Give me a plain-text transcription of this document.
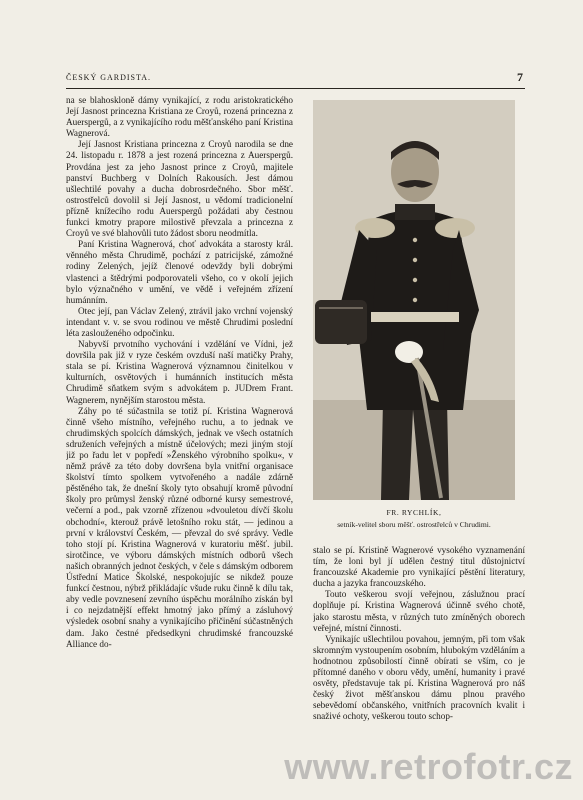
ČESKÝ GARDISTA.	7

na se blahoskloně dámy vynikající, z rodu aristokratického Její Jasnost princezna Kristiana ze Croyů, rozená princezna z Auerspergů, a z vynikajícího rodu měšťanského paní Kristina Wagnerová.

Její Jasnost Kristiana princezna z Croyů narodila se dne 24. listopadu r. 1878 a jest rozená princezna z Auerspergů. Provdána jest za jeho Jasnost prince z Croyů, majitele panství Buchberg v Dolních Rakousích. Jest dámou ušlechtilé povahy a ducha dobrosrdečného. Sbor měšť. ostrostřelců dovolil si Její Jasnost, u vědomí tradicionelní přízně knížecího rodu Auerspergů požádati aby čestnou funkci kmotry prapore milostivě převzala a princezna z Croyů ve své blahovůli tuto žádost sboru neodmítla.

Paní Kristina Wagnerová, choť advokáta a starosty král. věnného města Chrudimě, pochází z patricijské, zámožné rodiny Zelených, jejíž členové odevždy byli dobrými vlastenci a štědrými podporovateli všeho, co v okolí jejich bylo význačného v umění, ve vědě i veřejném zřízení humánním.

Otec její, pan Václav Zelený, ztrávil jako vrchní vojenský intendant v. v. se svou rodinou ve městě Chrudimi poslední léta zaslouženého odpočinku.

Nabyvší prvotního vychování i vzdělání ve Vídni, jež dovršila pak již v ryze českém ovzduší naší matičky Prahy, stala se pí. Kristina Wagnerová významnou činitelkou v kulturních, osvětových i humánních institucích města Chrudimě sňatkem svým s advokátem p. JUDrem Frant. Wagnerem, nynějším starostou města.

Záhy po té súčastnila se totiž pí. Kristina Wagnerová činně všeho místního, veřejného ruchu, a to jednak ve chrudimských spolcích dámských, jednak ve všech ostatních sdruženích veřejných a místně účelových; mezi jiným stojí již po řadu let v popředí »Ženského výrobního spolku«, v němž právě za této doby dovršena byla vnitřní organisace školství tímto spolkem vytvořeného a nadále zdárně pěstěného tak, že dnešní školy tyto obsahují kromě původní školy pro průmysl ženský různé odborné kursy semestrové, večerní a pod., pak vzorně zřízenou »dvouletou dívčí školu obchodní«, kterouž právě letošního roku stát, — jedinou a první v království Českém, — převzal do své správy. Vedle toho stojí pí. Kristina Wagnerová v kuratoriu měšť. jubil. sirotčince, ve výboru dámských místních odborů všech našich obranných jednot českých, v čele s dámským odborem Ústřední Matice Školské, nespokojujíc se nikdež pouze funkcí čestnou, nýbrž přikládajíc všude ruku činně k dílu tak, aby vedle povznesení zevního úspěchu morálního získán byl i co nejzdatnější effekt hmotný jako přímý a zásluhový výsledek osobní snahy a vynikajícího přičinění súčastněných dam. Jako čestné předsedkyni chrudimské francouzské Alliance do-

FR. RYCHLÍK,
setník-velitel sboru měšť. ostrostřelců v Chrudimi.

stalo se pí. Kristině Wagnerové vysokého vyznamenání tím, že loni byl jí udělen čestný titul důstojnictví francouzské Akademie pro vynikající pěstění literatury, ducha a jazyka francouzského.

Touto veškerou svojí veřejnou, záslužnou prací doplňuje pí. Kristina Wagnerová účinně svého chotě, jako starostu města, v různých tuto zmíněných oborech veřejné, místní činnosti.

Vynikajíc ušlechtilou povahou, jemným, při tom však skromným vystoupením osobním, hlubokým vzděláním a hodnotnou způsobilostí činně obírati se vším, co je přítomné daného v oboru vědy, umění, humanity i pravé osvěty, představuje tak pí. Kristina Wagnerová pro náš český život měšťanskou dámu plnou pravého sebevědomí občanského, vnitřních pracovních kvalit i snaživé ochoty, veškerou touto schop-

www.retrofotr.cz
